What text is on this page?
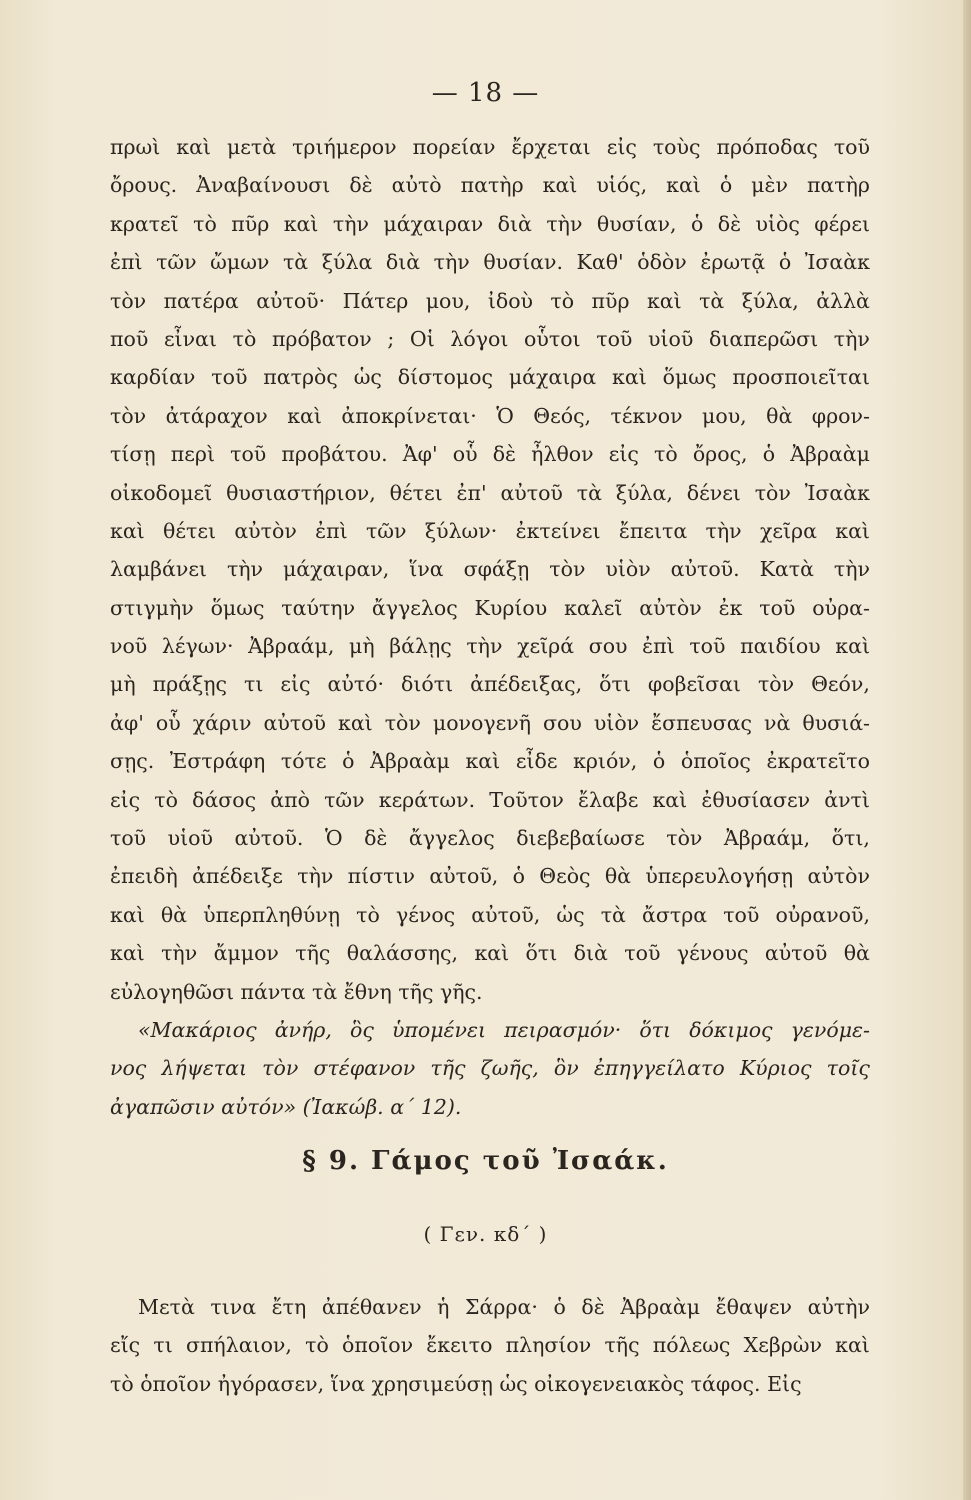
— 18 —
πρωὶ καὶ μετὰ τριήμερον πορείαν ἔρχεται εἰς τοὺς πρόποδας τοῦ
ὄρους. Ἀναβαίνουσι δὲ αὐτὸ πατὴρ καὶ υἱός, καὶ ὁ μὲν πατὴρ
κρατεῖ τὸ πῦρ καὶ τὴν μάχαιραν διὰ τὴν θυσίαν, ὁ δὲ υἱὸς φέρει
ἐπὶ τῶν ὤμων τὰ ξύλα διὰ τὴν θυσίαν. Καθ' ὁδὸν ἐρωτᾷ ὁ Ἰσαὰκ
τὸν πατέρα αὐτοῦ· Πάτερ μου, ἰδοὺ τὸ πῦρ καὶ τὰ ξύλα, ἀλλὰ
ποῦ εἶναι τὸ πρόβατον ; Οἱ λόγοι οὗτοι τοῦ υἱοῦ διαπερῶσι τὴν
καρδίαν τοῦ πατρὸς ὡς δίστομος μάχαιρα καὶ ὅμως προσποιεῖται
τὸν ἀτάραχον καὶ ἀποκρίνεται· Ὁ Θεός, τέκνον μου, θὰ φρον-
τίσῃ περὶ τοῦ προβάτου. Ἀφ' οὗ δὲ ἦλθον εἰς τὸ ὄρος, ὁ Ἀβραὰμ
οἰκοδομεῖ θυσιαστήριον, θέτει ἐπ' αὐτοῦ τὰ ξύλα, δένει τὸν Ἰσαὰκ
καὶ θέτει αὐτὸν ἐπὶ τῶν ξύλων· ἐκτείνει ἔπειτα τὴν χεῖρα καὶ
λαμβάνει τὴν μάχαιραν, ἵνα σφάξῃ τὸν υἱὸν αὐτοῦ. Κατὰ τὴν
στιγμὴν ὅμως ταύτην ἄγγελος Κυρίου καλεῖ αὐτὸν ἐκ τοῦ οὐρα-
νοῦ λέγων· Ἀβραάμ, μὴ βάλῃς τὴν χεῖρά σου ἐπὶ τοῦ παιδίου καὶ
μὴ πράξῃς τι εἰς αὐτό· διότι ἀπέδειξας, ὅτι φοβεῖσαι τὸν Θεόν,
ἀφ' οὗ χάριν αὐτοῦ καὶ τὸν μονογενῆ σου υἱὸν ἔσπευσας νὰ θυσιά-
σῃς. Ἐστράφη τότε ὁ Ἀβραὰμ καὶ εἶδε κριόν, ὁ ὁποῖος ἐκρατεῖτο
εἰς τὸ δάσος ἀπὸ τῶν κεράτων. Τοῦτον ἔλαβε καὶ ἐθυσίασεν ἀντὶ
τοῦ υἱοῦ αὐτοῦ. Ὁ δὲ ἄγγελος διεβεβαίωσε τὸν Ἀβραάμ, ὅτι,
ἐπειδὴ ἀπέδειξε τὴν πίστιν αὐτοῦ, ὁ Θεὸς θὰ ὑπερευλογήσῃ αὐτὸν
καὶ θὰ ὑπερπληθύνῃ τὸ γένος αὐτοῦ, ὡς τὰ ἄστρα τοῦ οὐρανοῦ,
καὶ τὴν ἄμμον τῆς θαλάσσης, καὶ ὅτι διὰ τοῦ γένους αὐτοῦ θὰ
εὐλογηθῶσι πάντα τὰ ἔθνη τῆς γῆς.
«Μακάριος ἀνήρ, ὃς ὑπομένει πειρασμόν· ὅτι δόκιμος γενόμε-
νος λήψεται τὸν στέφανον τῆς ζωῆς, ὃν ἐπηγγείλατο Κύριος τοῖς
ἀγαπῶσιν αὐτόν» (Ἰακώβ. α΄ 12).
§ 9. Γάμος τοῦ Ἰσαάκ.
( Γεν. κδ΄ )
Μετὰ τινα ἔτη ἀπέθανεν ἡ Σάρρα· ὁ δὲ Ἀβραὰμ ἔθαψεν αὐτὴν
εἴς τι σπήλαιον, τὸ ὁποῖον ἔκειτο πλησίον τῆς πόλεως Χεβρὼν καὶ
τὸ ὁποῖον ἠγόρασεν, ἵνα χρησιμεύσῃ ὡς οἰκογενειακὸς τάφος. Εἰς
